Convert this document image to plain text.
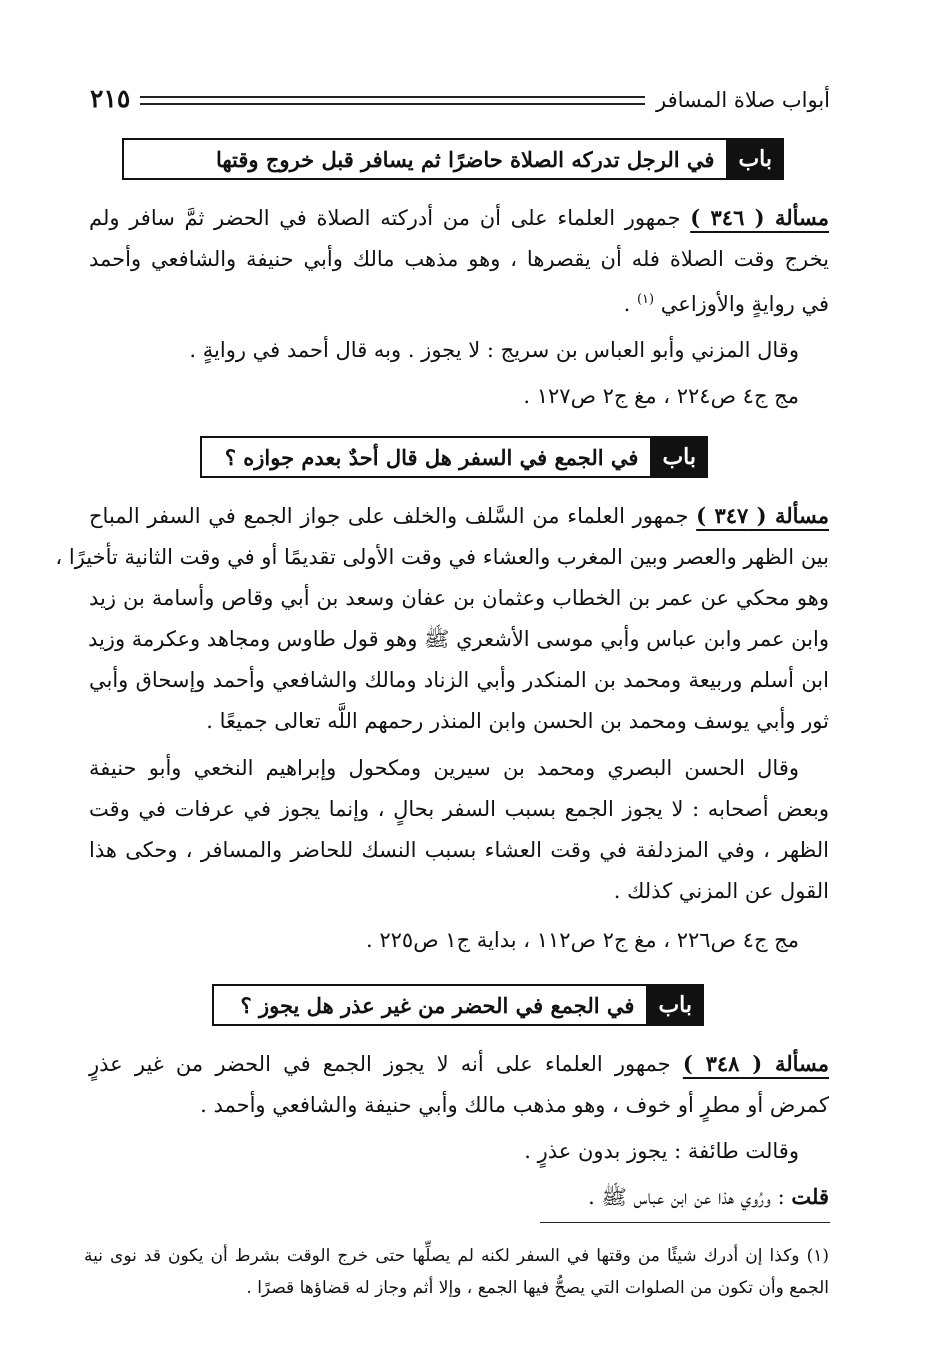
أبواب صلاة المسافر
٢١٥
باب
في الرجل تدركه الصلاة حاضرًا ثم يسافر قبل خروج وقتها
مسألة ( ٣٤٦ ) جمهور العلماء على أن من أدركته الصلاة في الحضر ثمَّ سافر ولم
يخرج وقت الصلاة فله أن يقصرها ، وهو مذهب مالك وأبي حنيفة والشافعي وأحمد
في روايةٍ والأوزاعي $^{(١)}$ .
وقال المزني وأبو العباس بن سريج : لا يجوز . وبه قال أحمد في روايةٍ .
مج ج٤ ص٢٢٤ ، مغ ج٢ ص١٢٧ .
باب
في الجمع في السفر هل قال أحدٌ بعدم جوازه ؟
مسألة ( ٣٤٧ ) جمهور العلماء من السَّلف والخلف على جواز الجمع في السفر المباح
بين الظهر والعصر وبين المغرب والعشاء في وقت الأولى تقديمًا أو في وقت الثانية تأخيرًا ،
وهو محكي عن عمر بن الخطاب وعثمان بن عفان وسعد بن أبي وقاص وأسامة بن زيد
وابن عمر وابن عباس وأبي موسى الأشعري ﷺ وهو قول طاوس ومجاهد وعكرمة وزيد
ابن أسلم وربيعة ومحمد بن المنكدر وأبي الزناد ومالك والشافعي وأحمد وإسحاق وأبي
ثور وأبي يوسف ومحمد بن الحسن وابن المنذر رحمهم اللَّه تعالى جميعًا .
وقال الحسن البصري ومحمد بن سيرين ومكحول وإبراهيم النخعي وأبو حنيفة
وبعض أصحابه : لا يجوز الجمع بسبب السفر بحالٍ ، وإنما يجوز في عرفات في وقت
الظهر ، وفي المزدلفة في وقت العشاء بسبب النسك للحاضر والمسافر ، وحكى هذا
القول عن المزني كذلك .
مج ج٤ ص٢٢٦ ، مغ ج٢ ص١١٢ ، بداية ج١ ص٢٢٥ .
باب
في الجمع في الحضر من غير عذر هل يجوز ؟
مسألة ( ٣٤٨ ) جمهور العلماء على أنه لا يجوز الجمع في الحضر من غير عذرٍ
كمرض أو مطرٍ أو خوف ، وهو مذهب مالك وأبي حنيفة والشافعي وأحمد .
وقالت طائفة : يجوز بدون عذرٍ .
قلت : ورُوي هذا عن ابن عباس ﷺ .
(١) وكذا إن أدرك شيئًا من وقتها في السفر لكنه لم يصلِّها حتى خرج الوقت بشرط أن يكون قد نوى نية
الجمع وأن تكون من الصلوات التي يصحُّ فيها الجمع ، وإلا أثم وجاز له قضاؤها قصرًا .
